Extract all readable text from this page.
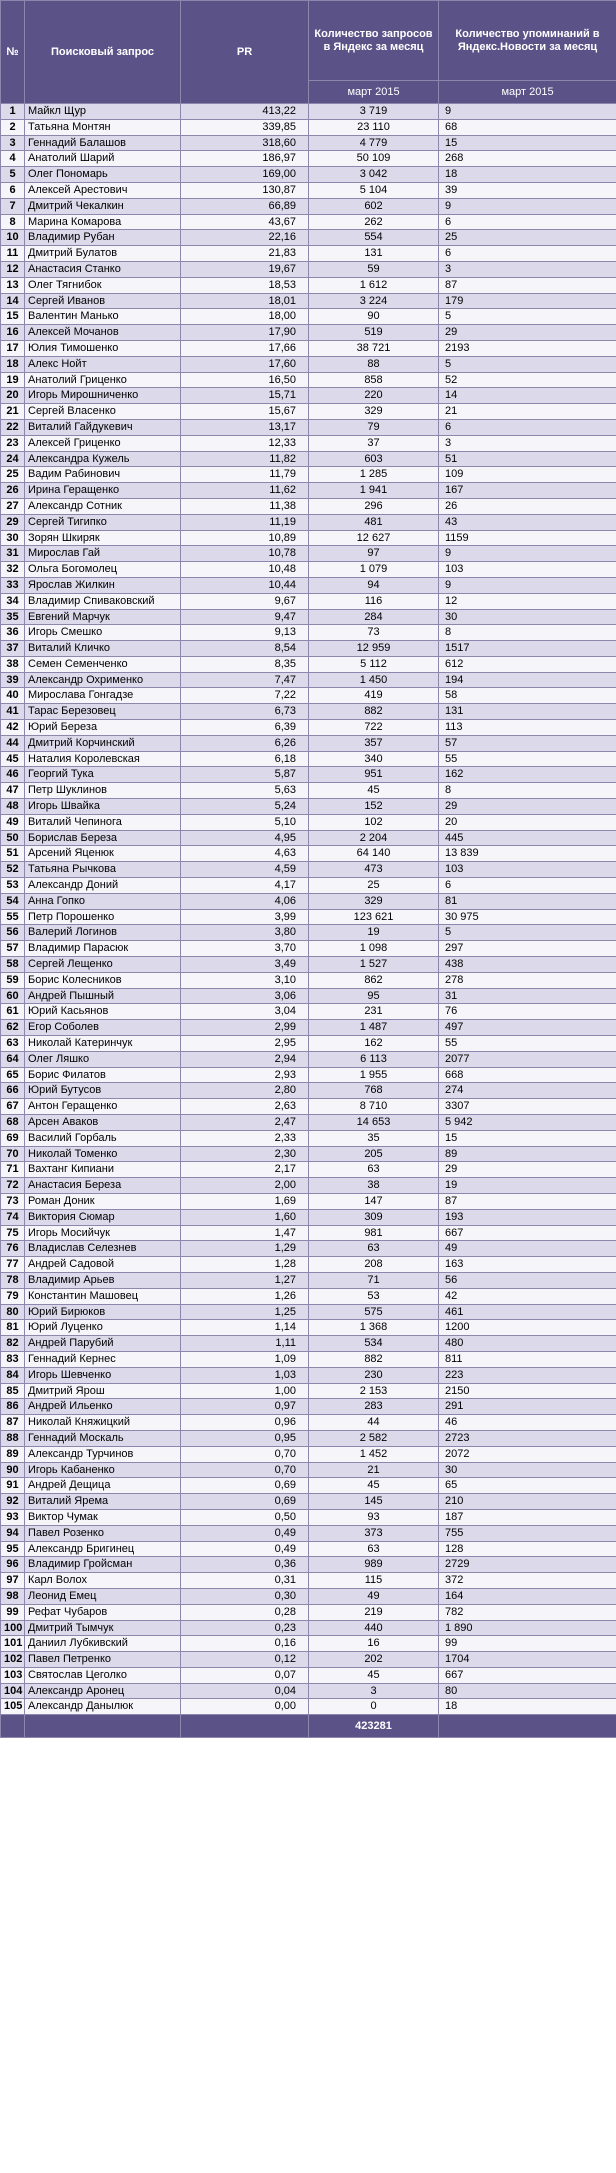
№	Поисковый запрос	PR	Количество запросов в Яндекс за месяц	Количество упоминаний в Яндекс.Новости за месяц
			март 2015	март 2015
1	Майкл Щур	413,22	3 719	9
2	Татьяна Монтян	339,85	23 110	68
3	Геннадий Балашов	318,60	4 779	15
4	Анатолий Шарий	186,97	50 109	268
5	Олег Пономарь	169,00	3 042	18
6	Алексей Арестович	130,87	5 104	39
7	Дмитрий Чекалкин	66,89	602	9
8	Марина Комарова	43,67	262	6
10	Владимир Рубан	22,16	554	25
11	Дмитрий Булатов	21,83	131	6
12	Анастасия Станко	19,67	59	3
13	Олег Тягнибок	18,53	1 612	87
14	Сергей Иванов	18,01	3 224	179
15	Валентин Манько	18,00	90	5
16	Алексей Мочанов	17,90	519	29
17	Юлия Тимошенко	17,66	38 721	2193
18	Алекс Нойт	17,60	88	5
19	Анатолий Гриценко	16,50	858	52
20	Игорь Мирошниченко	15,71	220	14
21	Сергей Власенко	15,67	329	21
22	Виталий Гайдукевич	13,17	79	6
23	Алексей Гриценко	12,33	37	3
24	Александра Кужель	11,82	603	51
25	Вадим Рабинович	11,79	1 285	109
26	Ирина Геращенко	11,62	1 941	167
27	Александр Сотник	11,38	296	26
29	Сергей Тигипко	11,19	481	43
30	Зорян Шкиряк	10,89	12 627	1159
31	Мирослав Гай	10,78	97	9
32	Ольга Богомолец	10,48	1 079	103
33	Ярослав Жилкин	10,44	94	9
34	Владимир Спиваковский	9,67	116	12
35	Евгений Марчук	9,47	284	30
36	Игорь Смешко	9,13	73	8
37	Виталий Кличко	8,54	12 959	1517
38	Семен Семенченко	8,35	5 112	612
39	Александр Охрименко	7,47	1 450	194
40	Мирослава Гонгадзе	7,22	419	58
41	Тарас Березовец	6,73	882	131
42	Юрий Береза	6,39	722	113
44	Дмитрий Корчинский	6,26	357	57
45	Наталия Королевская	6,18	340	55
46	Георгий Тука	5,87	951	162
47	Петр Шуклинов	5,63	45	8
48	Игорь Швайка	5,24	152	29
49	Виталий Чепинога	5,10	102	20
50	Борислав Береза	4,95	2 204	445
51	Арсений Яценюк	4,63	64 140	13 839
52	Татьяна Рычкова	4,59	473	103
53	Александр Доний	4,17	25	6
54	Анна Гопко	4,06	329	81
55	Петр Порошенко	3,99	123 621	30 975
56	Валерий Логинов	3,80	19	5
57	Владимир Парасюк	3,70	1 098	297
58	Сергей Лещенко	3,49	1 527	438
59	Борис Колесников	3,10	862	278
60	Андрей Пышный	3,06	95	31
61	Юрий Касьянов	3,04	231	76
62	Егор Соболев	2,99	1 487	497
63	Николай Катеринчук	2,95	162	55
64	Олег Ляшко	2,94	6 113	2077
65	Борис Филатов	2,93	1 955	668
66	Юрий Бутусов	2,80	768	274
67	Антон Геращенко	2,63	8 710	3307
68	Арсен Аваков	2,47	14 653	5 942
69	Василий Горбаль	2,33	35	15
70	Николай Томенко	2,30	205	89
71	Вахтанг Кипиани	2,17	63	29
72	Анастасия Береза	2,00	38	19
73	Роман Доник	1,69	147	87
74	Виктория Сюмар	1,60	309	193
75	Игорь Мосийчук	1,47	981	667
76	Владислав Селезнев	1,29	63	49
77	Андрей Садовой	1,28	208	163
78	Владимир Арьев	1,27	71	56
79	Константин Машовец	1,26	53	42
80	Юрий Бирюков	1,25	575	461
81	Юрий Луценко	1,14	1 368	1200
82	Андрей Парубий	1,11	534	480
83	Геннадий Кернес	1,09	882	811
84	Игорь Шевченко	1,03	230	223
85	Дмитрий Ярош	1,00	2 153	2150
86	Андрей Ильенко	0,97	283	291
87	Николай Княжицкий	0,96	44	46
88	Геннадий Москаль	0,95	2 582	2723
89	Александр Турчинов	0,70	1 452	2072
90	Игорь Кабаненко	0,70	21	30
91	Андрей Дещица	0,69	45	65
92	Виталий Ярема	0,69	145	210
93	Виктор Чумак	0,50	93	187
94	Павел Розенко	0,49	373	755
95	Александр Бригинец	0,49	63	128
96	Владимир Гройсман	0,36	989	2729
97	Карл Волох	0,31	115	372
98	Леонид Емец	0,30	49	164
99	Рефат Чубаров	0,28	219	782
100	Дмитрий Тымчук	0,23	440	1 890
101	Даниил Лубкивский	0,16	16	99
102	Павел Петренко	0,12	202	1704
103	Святослав Цеголко	0,07	45	667
104	Александр Аронец	0,04	3	80
105	Александр Данылюк	0,00	0	18
			423281	
